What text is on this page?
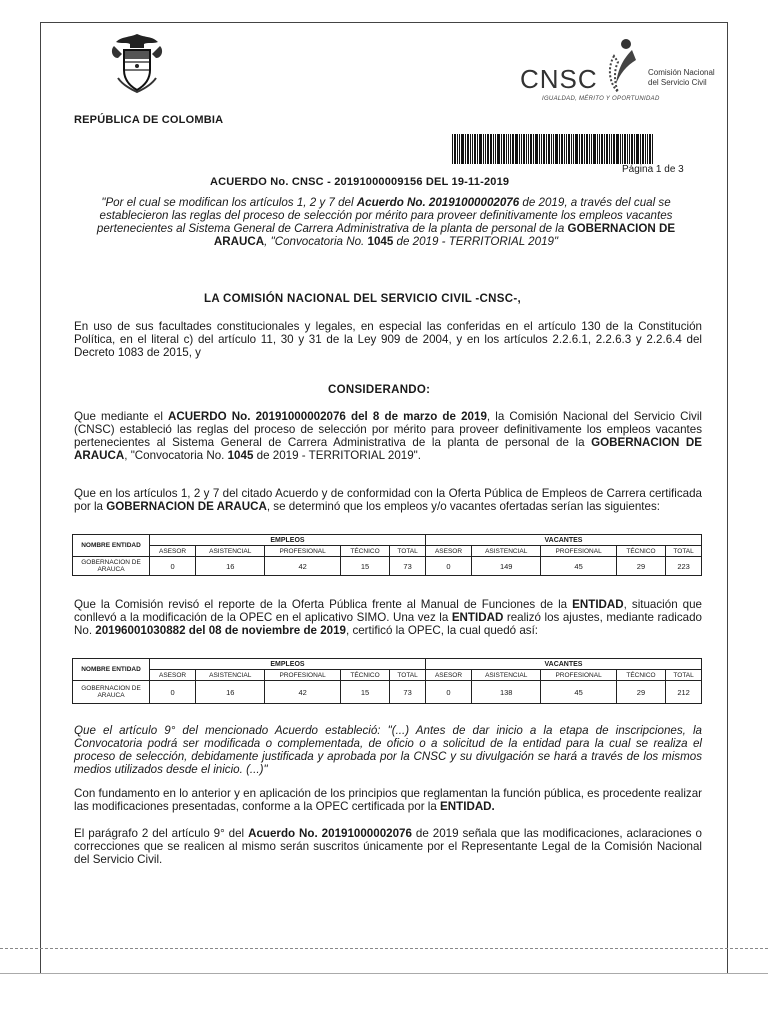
REPÚBLICA DE COLOMBIA
CNSC	Comisión Nacional
del Servicio Civil
IGUALDAD, MÉRITO Y OPORTUNIDAD
Página 1 de 3
ACUERDO No. CNSC - 20191000009156 DEL 19-11-2019
"Por el cual se modifican los artículos 1, 2 y 7 del Acuerdo No. 20191000002076 de 2019, a través del cual se establecieron las reglas del proceso de selección por mérito para proveer definitivamente los empleos vacantes pertenecientes al Sistema General de Carrera Administrativa de la planta de personal de la GOBERNACION DE ARAUCA, "Convocatoria No. 1045 de 2019 - TERRITORIAL 2019"
LA COMISIÓN NACIONAL DEL SERVICIO CIVIL -CNSC-,
En uso de sus facultades constitucionales y legales, en especial las conferidas en el artículo 130 de la Constitución Política, en el literal c) del artículo 11, 30 y 31 de la Ley 909 de 2004, y en los artículos 2.2.6.1, 2.2.6.3 y 2.2.6.4 del Decreto 1083 de 2015, y
CONSIDERANDO:
Que mediante el ACUERDO No. 20191000002076 del 8 de marzo de 2019, la Comisión Nacional del Servicio Civil (CNSC) estableció las reglas del proceso de selección por mérito para proveer definitivamente los empleos vacantes pertenecientes al Sistema General de Carrera Administrativa de la planta de personal de la GOBERNACION DE ARAUCA, "Convocatoria No. 1045 de 2019 - TERRITORIAL 2019".
Que en los artículos 1, 2 y 7 del citado Acuerdo y de conformidad con la Oferta Pública de Empleos de Carrera certificada por la GOBERNACION DE ARAUCA, se determinó que los empleos y/o vacantes ofertadas serían las siguientes:
NOMBRE ENTIDAD	EMPLEOS					VACANTES				
	ASESOR	ASISTENCIAL	PROFESIONAL	TÉCNICO	TOTAL	ASESOR	ASISTENCIAL	PROFESIONAL	TÉCNICO	TOTAL
GOBERNACION DE ARAUCA	0	16	42	15	73	0	149	45	29	223
Que la Comisión revisó el reporte de la Oferta Pública frente al Manual de Funciones de la ENTIDAD, situación que conllevó a la modificación de la OPEC en el aplicativo SIMO. Una vez la ENTIDAD realizó los ajustes, mediante radicado No. 20196001030882 del 08 de noviembre de 2019, certificó la OPEC, la cual quedó así:
NOMBRE ENTIDAD	EMPLEOS					VACANTES				
	ASESOR	ASISTENCIAL	PROFESIONAL	TÉCNICO	TOTAL	ASESOR	ASISTENCIAL	PROFESIONAL	TÉCNICO	TOTAL
GOBERNACION DE ARAUCA	0	16	42	15	73	0	138	45	29	212
Que el artículo 9° del mencionado Acuerdo estableció: "(...) Antes de dar inicio a la etapa de inscripciones, la Convocatoria podrá ser modificada o complementada, de oficio o a solicitud de la entidad para la cual se realiza el proceso de selección, debidamente justificada y aprobada por la CNSC y su divulgación se hará a través de los mismos medios utilizados desde el inicio. (...)"
Con fundamento en lo anterior y en aplicación de los principios que reglamentan la función pública, es procedente realizar las modificaciones presentadas, conforme a la OPEC certificada por la ENTIDAD.
El parágrafo 2 del artículo 9° del Acuerdo No. 20191000002076 de 2019 señala que las modificaciones, aclaraciones o correcciones que se realicen al mismo serán suscritos únicamente por el Representante Legal de la Comisión Nacional del Servicio Civil.
